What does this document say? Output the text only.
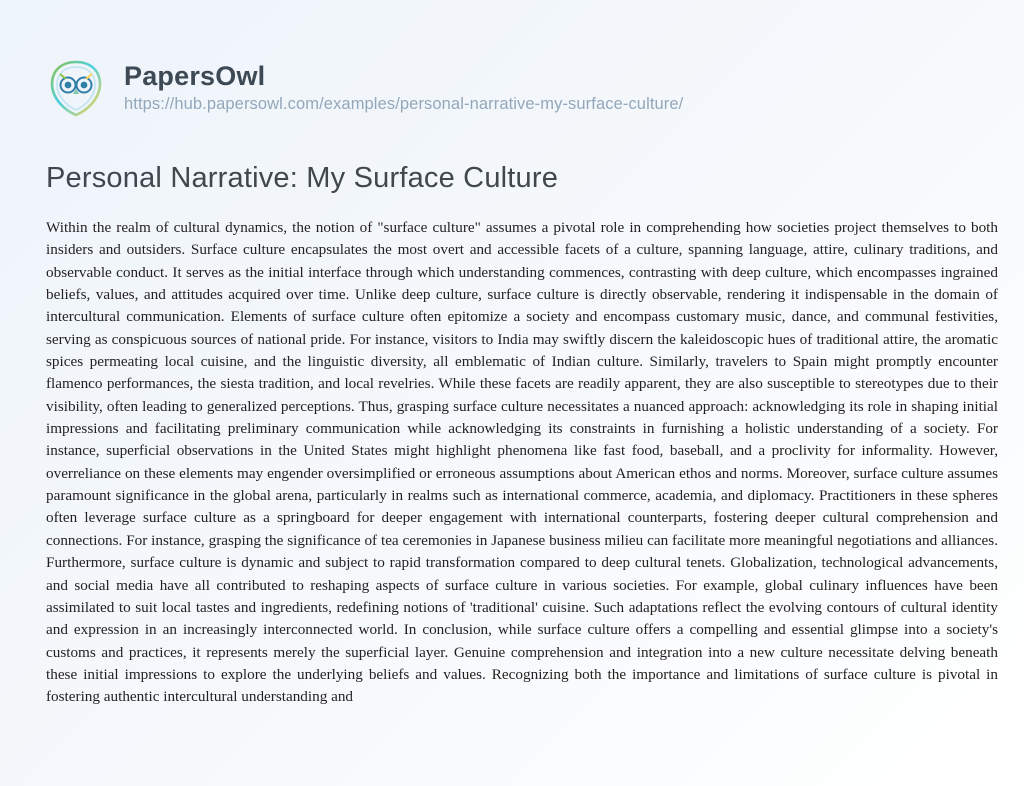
PapersOwl
https://hub.papersowl.com/examples/personal-narrative-my-surface-culture/
Personal Narrative: My Surface Culture

Within the realm of cultural dynamics, the notion of "surface culture" assumes a pivotal role in comprehending how societies project themselves to both insiders and outsiders. Surface culture encapsulates the most overt and accessible facets of a culture, spanning language, attire, culinary traditions, and observable conduct. It serves as the initial interface through which understanding commences, contrasting with deep culture, which encompasses ingrained beliefs, values, and attitudes acquired over time. Unlike deep culture, surface culture is directly observable, rendering it indispensable in the domain of intercultural communication. Elements of surface culture often epitomize a society and encompass customary music, dance, and communal festivities, serving as conspicuous sources of national pride. For instance, visitors to India may swiftly discern the kaleidoscopic hues of traditional attire, the aromatic spices permeating local cuisine, and the linguistic diversity, all emblematic of Indian culture. Similarly, travelers to Spain might promptly encounter flamenco performances, the siesta tradition, and local revelries. While these facets are readily apparent, they are also susceptible to stereotypes due to their visibility, often leading to generalized perceptions. Thus, grasping surface culture necessitates a nuanced approach: acknowledging its role in shaping initial impressions and facilitating preliminary communication while acknowledging its constraints in furnishing a holistic understanding of a society. For instance, superficial observations in the United States might highlight phenomena like fast food, baseball, and a proclivity for informality. However, overreliance on these elements may engender oversimplified or erroneous assumptions about American ethos and norms. Moreover, surface culture assumes paramount significance in the global arena, particularly in realms such as international commerce, academia, and diplomacy. Practitioners in these spheres often leverage surface culture as a springboard for deeper engagement with international counterparts, fostering deeper cultural comprehension and connections. For instance, grasping the significance of tea ceremonies in Japanese business milieu can facilitate more meaningful negotiations and alliances. Furthermore, surface culture is dynamic and subject to rapid transformation compared to deep cultural tenets. Globalization, technological advancements, and social media have all contributed to reshaping aspects of surface culture in various societies. For example, global culinary influences have been assimilated to suit local tastes and ingredients, redefining notions of 'traditional' cuisine. Such adaptations reflect the evolving contours of cultural identity and expression in an increasingly interconnected world. In conclusion, while surface culture offers a compelling and essential glimpse into a society's customs and practices, it represents merely the superficial layer. Genuine comprehension and integration into a new culture necessitate delving beneath these initial impressions to explore the underlying beliefs and values. Recognizing both the importance and limitations of surface culture is pivotal in fostering authentic intercultural understanding and
